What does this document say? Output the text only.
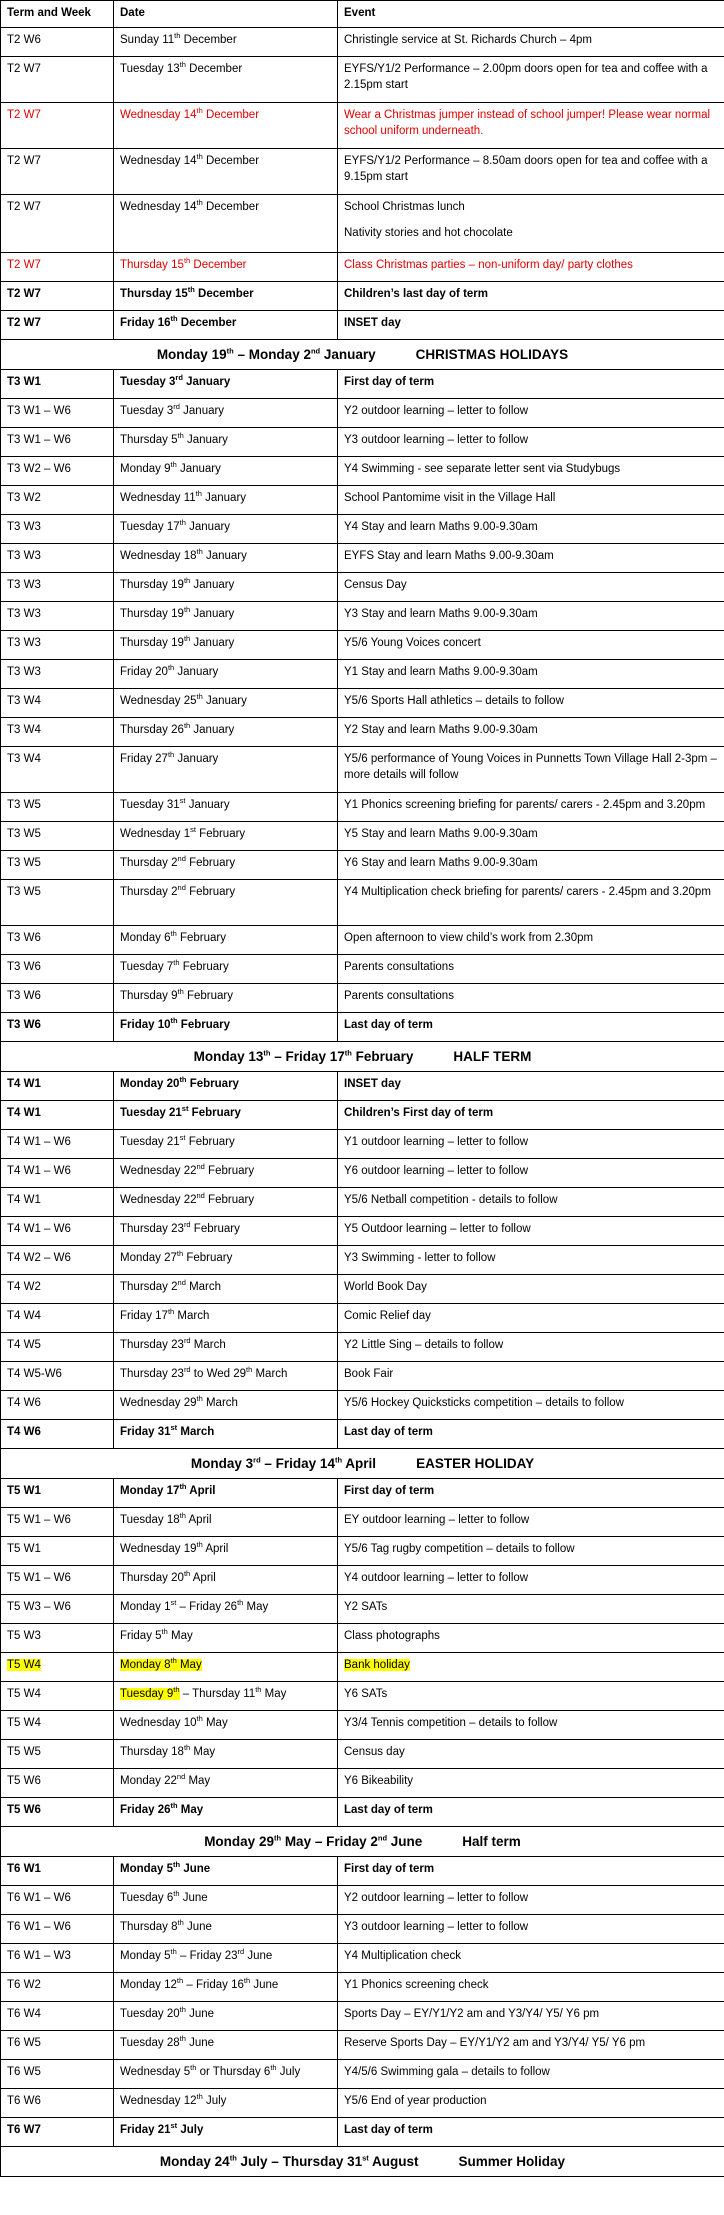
Term and Week	Date	Event
T2 W6	Sunday 11th December	Christingle service at St. Richards Church – 4pm
T2 W7	Tuesday 13th December	EYFS/Y1/2 Performance – 2.00pm doors open for tea and coffee with a 2.15pm start
T2 W7	Wednesday 14th December	Wear a Christmas jumper instead of school jumper! Please wear normal school uniform underneath.
T2 W7	Wednesday 14th December	EYFS/Y1/2 Performance – 8.50am doors open for tea and coffee with a 9.15pm start
T2 W7	Wednesday 14th December	School Christmas lunch
Nativity stories and hot chocolate

T2 W7	Thursday 15th December	Class Christmas parties – non-uniform day/ party clothes
T2 W7	Thursday 15th December	Children’s last day of term
T2 W7	Friday 16th December	INSET day
Monday 19th – Monday 2nd January CHRISTMAS HOLIDAYS		
T3 W1	Tuesday 3rd January	First day of term
T3 W1 – W6	Tuesday 3rd January	Y2 outdoor learning – letter to follow
T3 W1 – W6	Thursday 5th January	Y3 outdoor learning – letter to follow
T3 W2 – W6	Monday 9th January	Y4 Swimming - see separate letter sent via Studybugs
T3 W2	Wednesday 11th January	School Pantomime visit in the Village Hall
T3 W3	Tuesday 17th January	Y4 Stay and learn Maths 9.00-9.30am
T3 W3	Wednesday 18th January	EYFS Stay and learn Maths 9.00-9.30am
T3 W3	Thursday 19th January	Census Day
T3 W3	Thursday 19th January	Y3 Stay and learn Maths 9.00-9.30am
T3 W3	Thursday 19th January	Y5/6 Young Voices concert
T3 W3	Friday 20th January	Y1 Stay and learn Maths 9.00-9.30am
T3 W4	Wednesday 25th January	Y5/6 Sports Hall athletics – details to follow
T3 W4	Thursday 26th January	Y2 Stay and learn Maths 9.00-9.30am
T3 W4	Friday 27th January	Y5/6 performance of Young Voices in Punnetts Town Village Hall 2-3pm – more details will follow
T3 W5	Tuesday 31st January	Y1 Phonics screening briefing for parents/ carers - 2.45pm and 3.20pm
T3 W5	Wednesday 1st February	Y5 Stay and learn Maths 9.00-9.30am
T3 W5	Thursday 2nd February	Y6 Stay and learn Maths 9.00-9.30am
T3 W5	Thursday 2nd February	Y4 Multiplication check briefing for parents/ carers - 2.45pm and 3.20pm
T3 W6	Monday 6th February	Open afternoon to view child’s work from 2.30pm
T3 W6	Tuesday 7th February	Parents consultations
T3 W6	Thursday 9th February	Parents consultations
T3 W6	Friday 10th February	Last day of term
Monday 13th – Friday 17th February HALF TERM		
T4 W1	Monday 20th February	INSET day
T4 W1	Tuesday 21st February	Children’s First day of term
T4 W1 – W6	Tuesday 21st February	Y1 outdoor learning – letter to follow
T4 W1 – W6	Wednesday 22nd February	Y6 outdoor learning – letter to follow
T4 W1	Wednesday 22nd February	Y5/6 Netball competition - details to follow
T4 W1 – W6	Thursday 23rd February	Y5 Outdoor learning – letter to follow
T4 W2 – W6	Monday 27th February	Y3 Swimming - letter to follow
T4 W2	Thursday 2nd March	World Book Day
T4 W4	Friday 17th March	Comic Relief day
T4 W5	Thursday 23rd March	Y2 Little Sing – details to follow
T4 W5-W6	Thursday 23rd to Wed 29th March	Book Fair
T4 W6	Wednesday 29th March	Y5/6 Hockey Quicksticks competition – details to follow
T4 W6	Friday 31st March	Last day of term
Monday 3rd – Friday 14th April EASTER HOLIDAY		
T5 W1	Monday 17th April	First day of term
T5 W1 – W6	Tuesday 18th April	EY outdoor learning – letter to follow
T5 W1	Wednesday 19th April	Y5/6 Tag rugby competition – details to follow
T5 W1 – W6	Thursday 20th April	Y4 outdoor learning – letter to follow
T5 W3 – W6	Monday 1st – Friday 26th May	Y2 SATs
T5 W3	Friday 5th May	Class photographs
T5 W4	Monday 8th May	Bank holiday
T5 W4	Tuesday 9th – Thursday 11th May	Y6 SATs
T5 W4	Wednesday 10th May	Y3/4 Tennis competition – details to follow
T5 W5	Thursday 18th May	Census day
T5 W6	Monday 22nd May	Y6 Bikeability
T5 W6	Friday 26th May	Last day of term
Monday 29th May – Friday 2nd June Half term		
T6 W1	Monday 5th June	First day of term
T6 W1 – W6	Tuesday 6th June	Y2 outdoor learning – letter to follow
T6 W1 – W6	Thursday 8th June	Y3 outdoor learning – letter to follow
T6 W1 – W3	Monday 5th – Friday 23rd June	Y4 Multiplication check
T6 W2	Monday 12th – Friday 16th June	Y1 Phonics screening check
T6 W4	Tuesday 20th June	Sports Day – EY/Y1/Y2 am and Y3/Y4/ Y5/ Y6 pm
T6 W5	Tuesday 28th June	Reserve Sports Day – EY/Y1/Y2 am and Y3/Y4/ Y5/ Y6 pm
T6 W5	Wednesday 5th or Thursday 6th July	Y4/5/6 Swimming gala – details to follow
T6 W6	Wednesday 12th July	Y5/6 End of year production
T6 W7	Friday 21st July	Last day of term
Monday 24th July – Thursday 31st August Summer Holiday		
